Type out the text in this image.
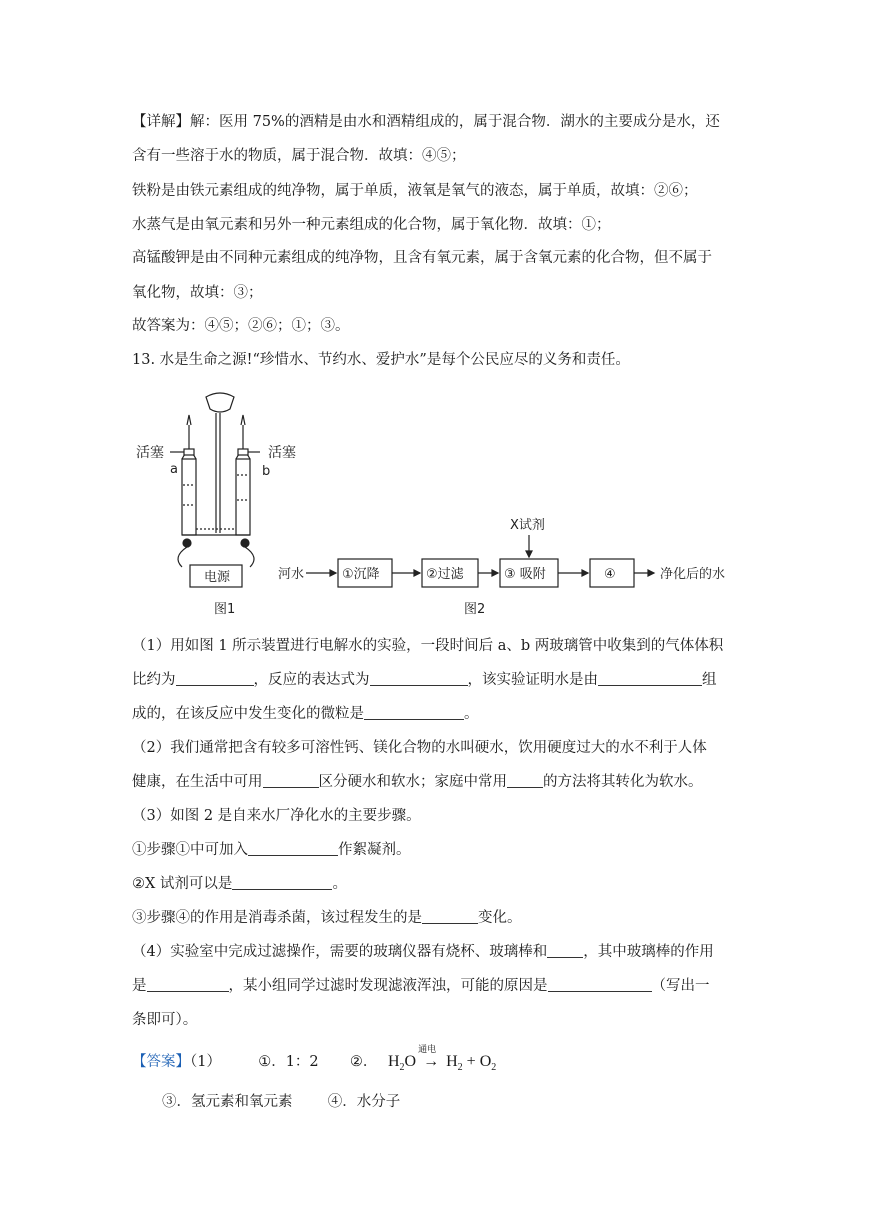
【详解】解：医用 75%的酒精是由水和酒精组成的，属于混合物．湖水的主要成分是水，还
含有一些溶于水的物质，属于混合物．故填：④⑤；
铁粉是由铁元素组成的纯净物，属于单质，液氧是氧气的液态，属于单质，故填：②⑥；
水蒸气是由氧元素和另外一种元素组成的化合物，属于氧化物．故填：①；
高锰酸钾是由不同种元素组成的纯净物，且含有氧元素，属于含氧元素的化合物，但不属于
氧化物，故填：③；
故答案为：④⑤；②⑥；①；③。
13. 水是生命之源!“珍惜水、节约水、爱护水”是每个公民应尽的义务和责任。
活塞	活塞
a	b
电源
图1
河水	①沉降	②过滤	③ 吸附	④
X试剂
净化后的水
图2
（1）用如图 1 所示装置进行电解水的实验，一段时间后 a、b 两玻璃管中收集到的气体体积
比约为	，反应的表达式为	，该实验证明水是由	组
成的，在该反应中发生变化的微粒是	。
（2）我们通常把含有较多可溶性钙、镁化合物的水叫硬水，饮用硬度过大的水不利于人体
健康，在生活中可用	区分硬水和软水；家庭中常用 的方法将其转化为软水。
（3）如图 2 是自来水厂净化水的主要步骤。
①步骤①中可加入	作絮凝剂。
②X 试剂可以是	。
③步骤④的作用是消毒杀菌，该过程发生的是	变化。
（4）实验室中完成过滤操作，需要的玻璃仪器有烧杯、玻璃棒和 ，其中玻璃棒的作用
是	，某小组同学过滤时发现滤液浑浊，可能的原因是	（写出一
条即可）。
【答案】（1）	①．1：2 ②． $H_2O$
通电
→ $H_2 + O_2$
③．氢元素和氧元素 ④．水分子
